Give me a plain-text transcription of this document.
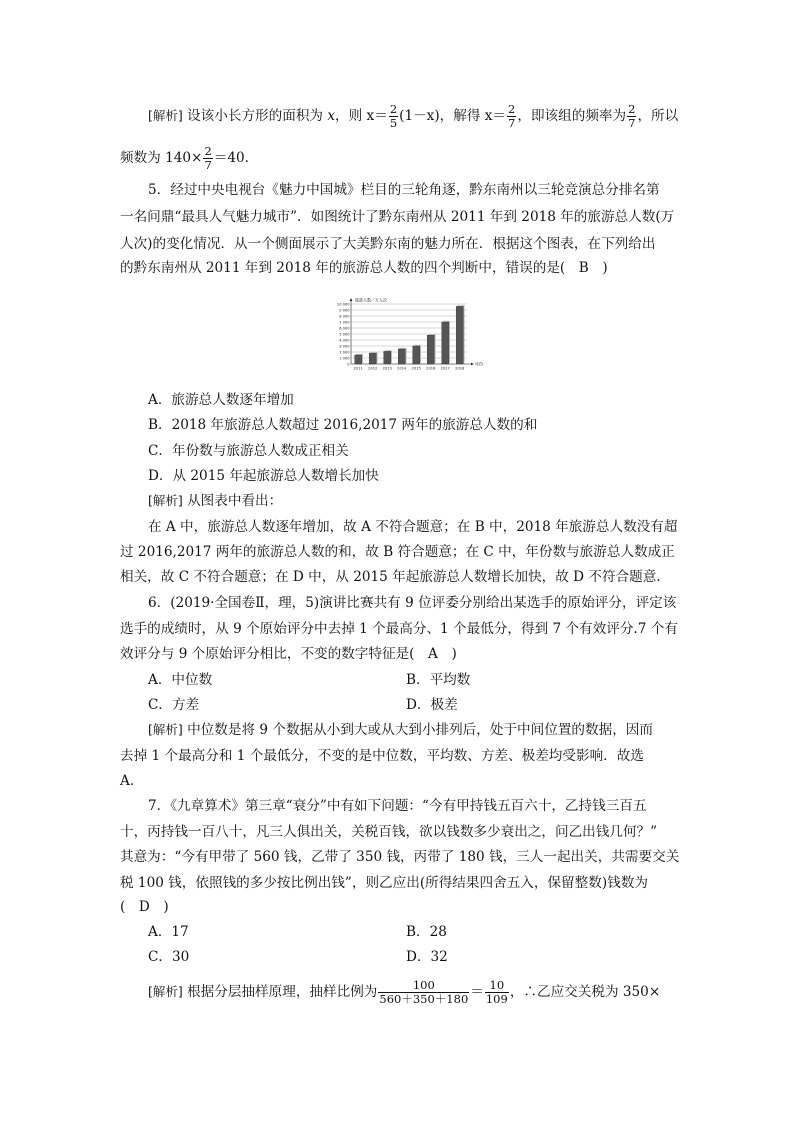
[解析] 设该小长方形的面积为 x，则 $x= \frac{2}{5} (1-x)$，解得 $x= \frac{2}{7}$ ，即该组的频率为 $\frac{2}{7}$ ，所以
频数为 $140\times \frac{2}{7} =40$.
5．经过中央电视台《魅力中国城》栏目的三轮角逐，黔东南州以三轮竞演总分排名第
一名问鼎“最具人气魅力城市”．如图统计了黔东南州从 2011 年到 2018 年的旅游总人数(万
人次)的变化情况．从一个侧面展示了大美黔东南的魅力所在．根据这个图表，在下列给出
的黔东南州从 2011 年到 2018 年的旅游总人数的四个判断中，错误的是(　B　)
0
1 000
2 000
3 000
4 000
5 000
6 000
7 000
8 000
9 000
10 000
旅游人数／万人次
年份
2011 2012 2013 2014 2015 2016 2017 2018
A．旅游总人数逐年增加
B．2018 年旅游总人数超过 2016,2017 两年的旅游总人数的和
C．年份数与旅游总人数成正相关
D．从 2015 年起旅游总人数增长加快
[解析] 从图表中看出：
在 A 中，旅游总人数逐年增加，故 A 不符合题意；在 B 中，2018 年旅游总人数没有超
过 2016,2017 两年的旅游总人数的和，故 B 符合题意；在 C 中，年份数与旅游总人数成正
相关，故 C 不符合题意；在 D 中，从 2015 年起旅游总人数增长加快，故 D 不符合题意．
6．(2019·全国卷Ⅱ，理，5)演讲比赛共有 9 位评委分别给出某选手的原始评分，评定该
选手的成绩时，从 9 个原始评分中去掉 1 个最高分、1 个最低分，得到 7 个有效评分.7 个有
效评分与 9 个原始评分相比，不变的数字特征是(　A　)
A．中位数	B．平均数
C．方差	D．极差
[解析] 中位数是将 9 个数据从小到大或从大到小排列后，处于中间位置的数据，因而
去掉 1 个最高分和 1 个最低分，不变的是中位数，平均数、方差、极差均受影响．故选
A.
7．《九章算术》第三章“衰分”中有如下问题：“今有甲持钱五百六十，乙持钱三百五
十，丙持钱一百八十，凡三人俱出关，关税百钱，欲以钱数多少衰出之，问乙出钱几何？”
其意为：“今有甲带了 560 钱，乙带了 350 钱，丙带了 180 钱，三人一起出关，共需要交关
税 100 钱，依照钱的多少按比例出钱”，则乙应出(所得结果四舍五入，保留整数)钱数为
(　D　)
A．17	B．28
C．30	D．32
[解析] 根据分层抽样原理，抽样比例为 $\frac{100}{560+350+180} = \frac{10}{109}$ ，∴乙应交关税为 350×
